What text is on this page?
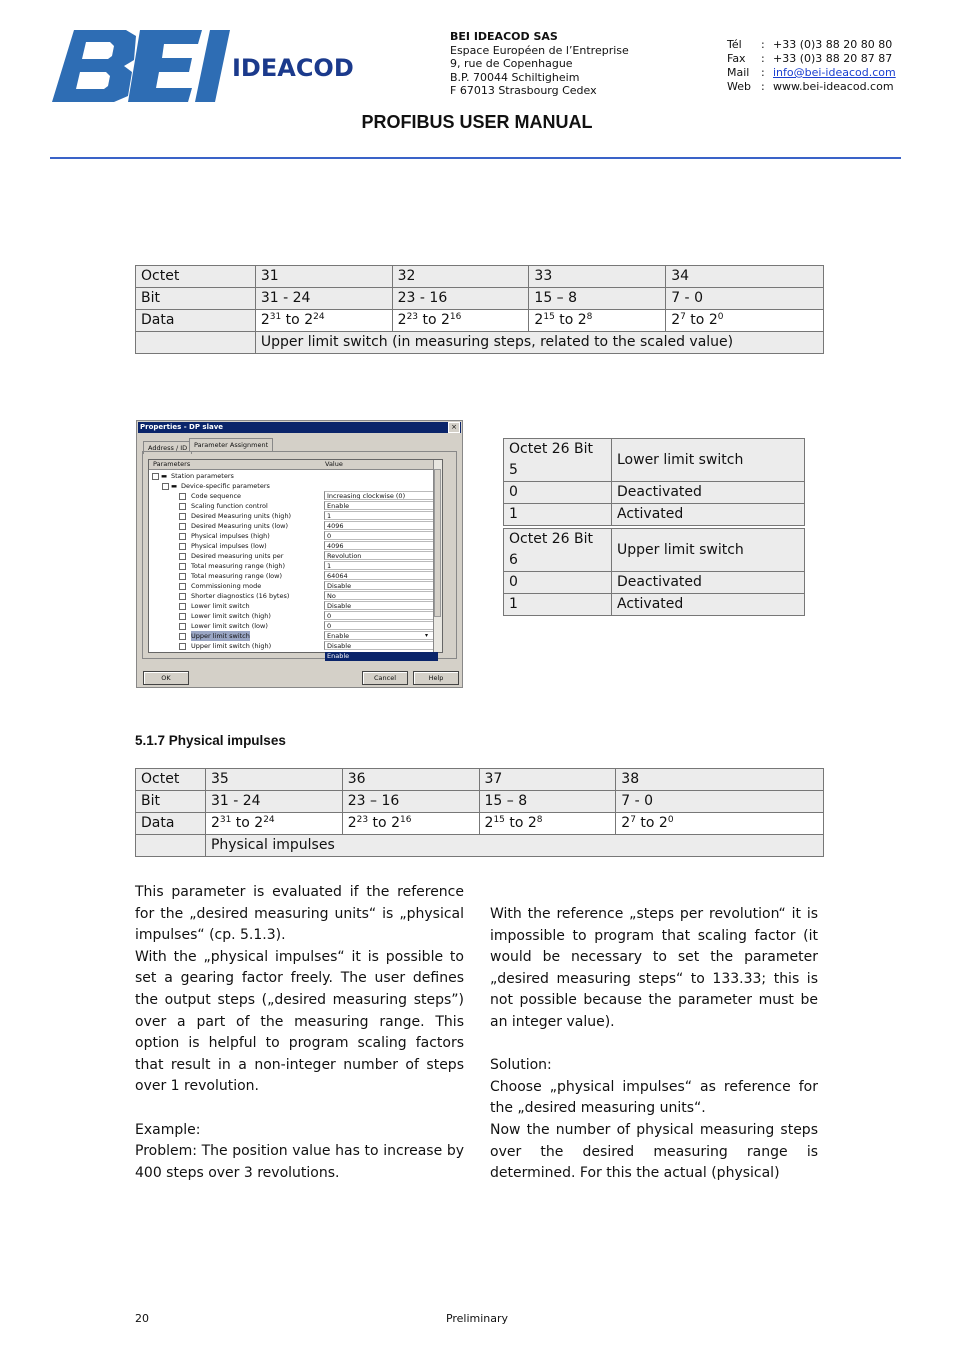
IDEACOD
BEI IDEACOD SAS
Espace Européen de l’Entreprise
9, rue de Copenhague
B.P. 70044 Schiltigheim
F 67013 Strasbourg Cedex
Tél	: +33 (0)3 88 20 80 80
Fax	: +33 (0)3 88 20 87 87
Mail	: info@bei-ideacod.com
Web : www.bei-ideacod.com
PROFIBUS USER MANUAL
Octet	31	32	33	34
Bit	31 - 24	23 - 16	15 – 8	7 - 0
Data	$2^{31}$ to $2^{24}$	$2^{23}$ to $2^{16}$	$2^{15}$ to $2^8$	$2^7$ to $2^0$
	Upper limit switch (in measuring steps, related to the scaled value)			
Properties - DP slave	×
Address / ID	Parameter Assignment
Parameters	Value
▬ Station parameters
▬ Device-specific parameters
Code sequence	Increasing clockwise (0)
Scaling function control	Enable
Desired Measuring units (high)	1
Desired Measuring units (low)	4096
Physical impulses (high)	0
Physical impulses (low)	4096
Desired measuring units per	Revolution
Total measuring range (high)	1
Total measuring range (low)	64064
Commissioning mode	Disable
Shorter diagnostics (16 bytes)	No
Lower limit switch	Disable
Lower limit switch (high)	0
Lower limit switch (low)	0
Upper limit switch	Enable	▾
Upper limit switch (high)	Disable
Enable
OK	Cancel	Help
Octet 26 Bit 5	Lower limit switch
0	Deactivated
1	Activated
Octet 26 Bit 6	Upper limit switch
0	Deactivated
1	Activated
5.1.7 Physical impulses
Octet	35	36	37	38
Bit	31 - 24	23 – 16	15 – 8	7 - 0
Data	$2^{31}$ to $2^{24}$	$2^{23}$ to $2^{16}$	$2^{15}$ to $2^8$	$2^7$ to $2^0$
	Physical impulses			

This parameter is evaluated if the reference for the „desired measuring units“ is „physical impulses“ (cp. 5.1.3).

With the „physical impulses“ it is possible to set a gearing factor freely. The user defines the output steps („desired measuring steps”) over a part of the measuring range. This option is helpful to program scaling factors that result in a non-integer number of steps over 1 revolution.

Example:

Problem: The position value has to increase by 400 steps over 3 revolutions.

With the reference „steps per revolution“ it is impossible to program that scaling factor (it would be necessary to set the parameter „desired measuring steps“ to 133.33; this is not possible because the parameter must be an integer value).

Solution:

Choose „physical impulses“ as reference for the „desired measuring units“.

Now the number of physical measuring steps over the desired measuring range is determined. For this the actual (physical)

20	Preliminary
